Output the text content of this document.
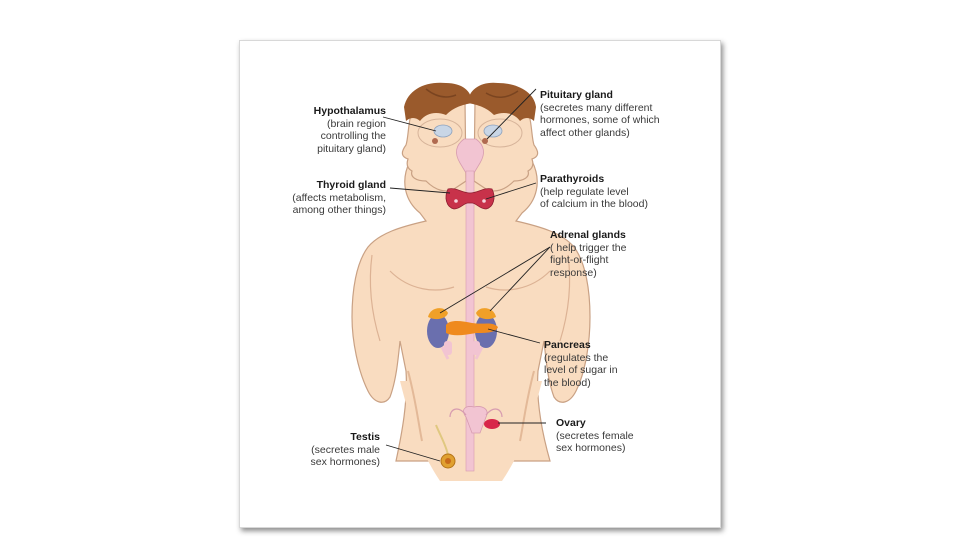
Hypothalamus
(brain region
controlling the
pituitary gland)
Pituitary gland
(secretes many different
hormones, some of which
affect other glands)
Thyroid gland
(affects metabolism,
among other things)
Parathyroids
(help regulate level
of calcium in the blood)
Adrenal glands
( help trigger the
fight-or-flight
response)
Pancreas
(regulates the
level of sugar in
the blood)
Testis
(secretes male
sex hormones)
Ovary
(secretes female
sex hormones)
